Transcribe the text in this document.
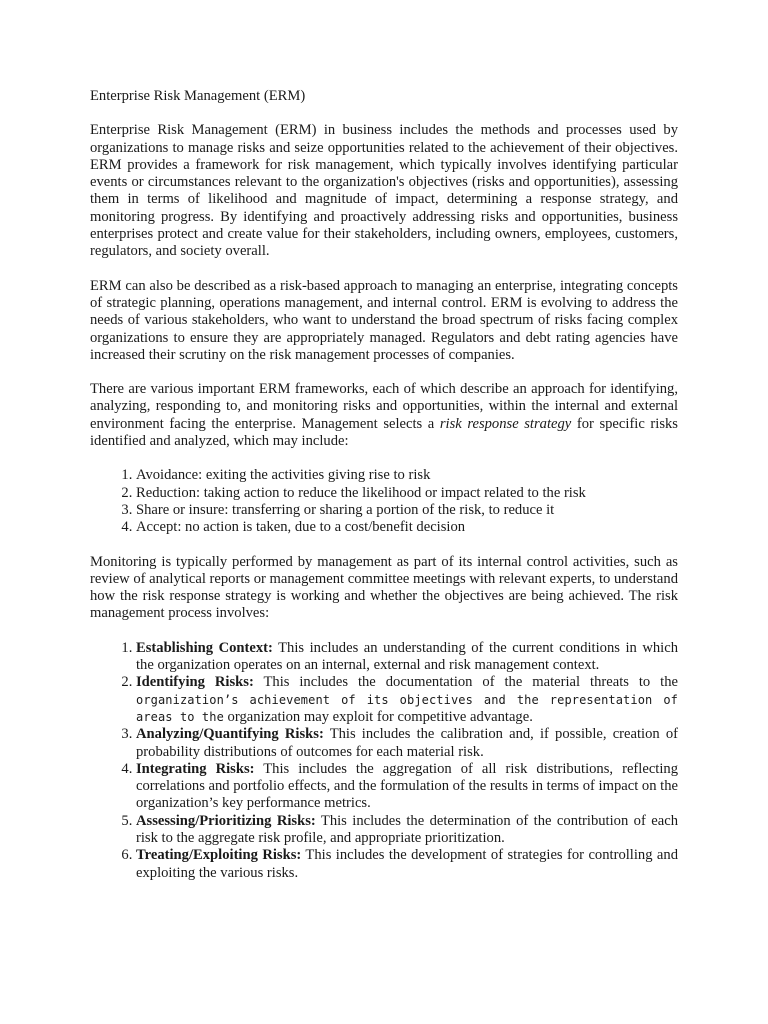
Enterprise Risk Management (ERM)

Enterprise Risk Management (ERM) in business includes the methods and processes used by organizations to manage risks and seize opportunities related to the achievement of their objectives. ERM provides a framework for risk management, which typically involves identifying particular events or circumstances relevant to the organization's objectives (risks and opportunities), assessing them in terms of likelihood and magnitude of impact, determining a response strategy, and monitoring progress. By identifying and proactively addressing risks and opportunities, business enterprises protect and create value for their stakeholders, including owners, employees, customers, regulators, and society overall.

ERM can also be described as a risk-based approach to managing an enterprise, integrating concepts of strategic planning, operations management, and internal control. ERM is evolving to address the needs of various stakeholders, who want to understand the broad spectrum of risks facing complex organizations to ensure they are appropriately managed. Regulators and debt rating agencies have increased their scrutiny on the risk management processes of companies.

There are various important ERM frameworks, each of which describe an approach for identifying, analyzing, responding to, and monitoring risks and opportunities, within the internal and external environment facing the enterprise. Management selects a risk response strategy for specific risks identified and analyzed, which may include:

1. Avoidance: exiting the activities giving rise to risk
2. Reduction: taking action to reduce the likelihood or impact related to the risk
3. Share or insure: transferring or sharing a portion of the risk, to reduce it
4. Accept: no action is taken, due to a cost/benefit decision

Monitoring is typically performed by management as part of its internal control activities, such as review of analytical reports or management committee meetings with relevant experts, to understand how the risk response strategy is working and whether the objectives are being achieved. The risk management process involves:

1. Establishing Context: This includes an understanding of the current conditions in which the organization operates on an internal, external and risk management context.
2. Identifying Risks: This includes the documentation of the material threats to the organization’s achievement of its objectives and the representation of areas to the organization may exploit for competitive advantage.
3. Analyzing/Quantifying Risks: This includes the calibration and, if possible, creation of probability distributions of outcomes for each material risk.
4. Integrating Risks: This includes the aggregation of all risk distributions, reflecting correlations and portfolio effects, and the formulation of the results in terms of impact on the organization’s key performance metrics.
5. Assessing/Prioritizing Risks: This includes the determination of the contribution of each risk to the aggregate risk profile, and appropriate prioritization.
6. Treating/Exploiting Risks: This includes the development of strategies for controlling and exploiting the various risks.
